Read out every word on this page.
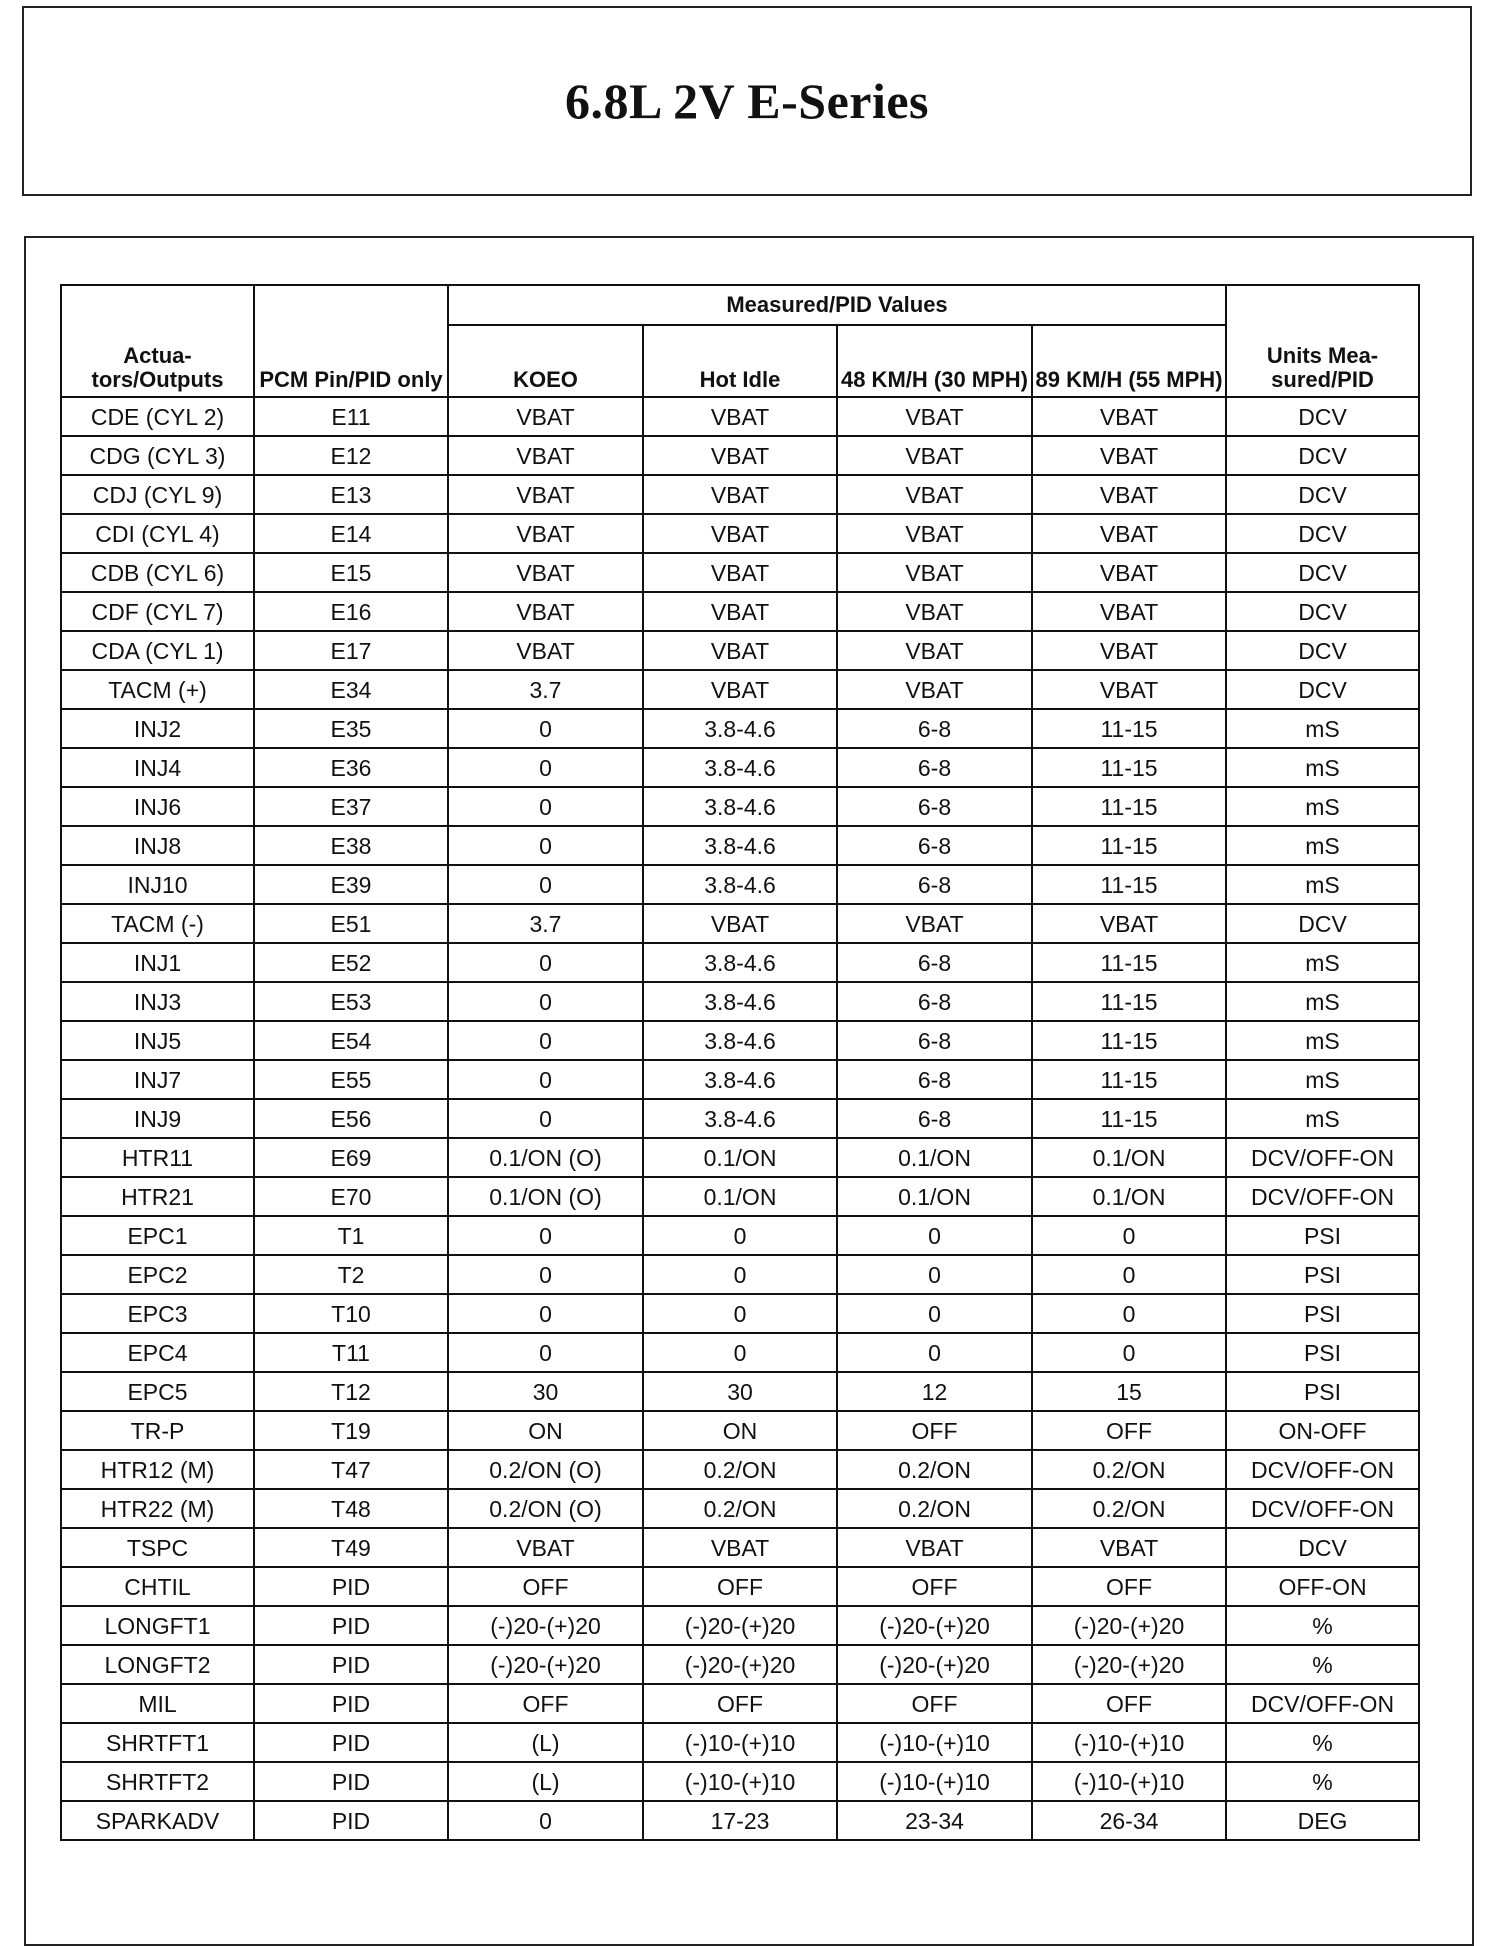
6.8L 2V E-Series
Actua-tors/Outputs	PCM Pin/PID only	Measured/PID Values				Units Mea-sured/PID
		KOEO	Hot Idle	48 KM/H (30 MPH)	89 KM/H (55 MPH)	
CDE (CYL 2)	E11	VBAT	VBAT	VBAT	VBAT	DCV
CDG (CYL 3)	E12	VBAT	VBAT	VBAT	VBAT	DCV
CDJ (CYL 9)	E13	VBAT	VBAT	VBAT	VBAT	DCV
CDI (CYL 4)	E14	VBAT	VBAT	VBAT	VBAT	DCV
CDB (CYL 6)	E15	VBAT	VBAT	VBAT	VBAT	DCV
CDF (CYL 7)	E16	VBAT	VBAT	VBAT	VBAT	DCV
CDA (CYL 1)	E17	VBAT	VBAT	VBAT	VBAT	DCV
TACM (+)	E34	3.7	VBAT	VBAT	VBAT	DCV
INJ2	E35	0	3.8-4.6	6-8	11-15	mS
INJ4	E36	0	3.8-4.6	6-8	11-15	mS
INJ6	E37	0	3.8-4.6	6-8	11-15	mS
INJ8	E38	0	3.8-4.6	6-8	11-15	mS
INJ10	E39	0	3.8-4.6	6-8	11-15	mS
TACM (-)	E51	3.7	VBAT	VBAT	VBAT	DCV
INJ1	E52	0	3.8-4.6	6-8	11-15	mS
INJ3	E53	0	3.8-4.6	6-8	11-15	mS
INJ5	E54	0	3.8-4.6	6-8	11-15	mS
INJ7	E55	0	3.8-4.6	6-8	11-15	mS
INJ9	E56	0	3.8-4.6	6-8	11-15	mS
HTR11	E69	0.1/ON (O)	0.1/ON	0.1/ON	0.1/ON	DCV/OFF-ON
HTR21	E70	0.1/ON (O)	0.1/ON	0.1/ON	0.1/ON	DCV/OFF-ON
EPC1	T1	0	0	0	0	PSI
EPC2	T2	0	0	0	0	PSI
EPC3	T10	0	0	0	0	PSI
EPC4	T11	0	0	0	0	PSI
EPC5	T12	30	30	12	15	PSI
TR-P	T19	ON	ON	OFF	OFF	ON-OFF
HTR12 (M)	T47	0.2/ON (O)	0.2/ON	0.2/ON	0.2/ON	DCV/OFF-ON
HTR22 (M)	T48	0.2/ON (O)	0.2/ON	0.2/ON	0.2/ON	DCV/OFF-ON
TSPC	T49	VBAT	VBAT	VBAT	VBAT	DCV
CHTIL	PID	OFF	OFF	OFF	OFF	OFF-ON
LONGFT1	PID	(-)20-(+)20	(-)20-(+)20	(-)20-(+)20	(-)20-(+)20	%
LONGFT2	PID	(-)20-(+)20	(-)20-(+)20	(-)20-(+)20	(-)20-(+)20	%
MIL	PID	OFF	OFF	OFF	OFF	DCV/OFF-ON
SHRTFT1	PID	(L)	(-)10-(+)10	(-)10-(+)10	(-)10-(+)10	%
SHRTFT2	PID	(L)	(-)10-(+)10	(-)10-(+)10	(-)10-(+)10	%
SPARKADV	PID	0	17-23	23-34	26-34	DEG
